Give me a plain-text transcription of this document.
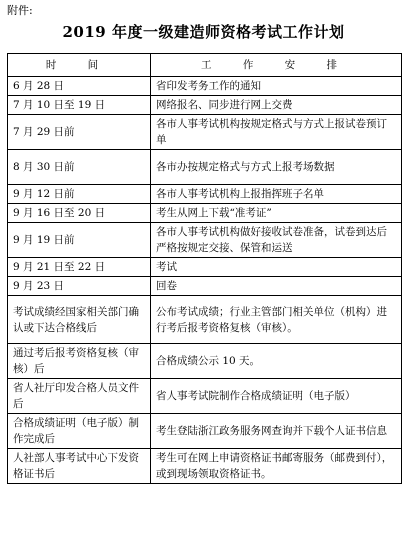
附件:
2019 年度一级建造师资格考试工作计划
时 间	工 作 安 排
6 月 28 日	省印发考务工作的通知
7 月 10 日至 19 日	网络报名、同步进行网上交费
7 月 29 日前	各市人事考试机构按规定格式与方式上报试卷预订单
8 月 30 日前	各市办按规定格式与方式上报考场数据
9 月 12 日前	各市人事考试机构上报指挥班子名单
9 月 16 日至 20 日	考生从网上下载“准考证”
9 月 19 日前	各市人事考试机构做好接收试卷准备，试卷到达后严格按规定交接、保管和运送
9 月 21 日至 22 日	考试
9 月 23 日	回卷
考试成绩经国家相关部门确认或下达合格线后	公布考试成绩；行业主管部门相关单位（机构）进行考后报考资格复核（审核）。
通过考后报考资格复核（审核）后	合格成绩公示 10 天。
省人社厅印发合格人员文件后	省人事考试院制作合格成绩证明（电子版）
合格成绩证明（电子版）制作完成后	考生登陆浙江政务服务网查询并下载个人证书信息
人社部人事考试中心下发资格证书后	考生可在网上申请资格证书邮寄服务（邮费到付），或到现场领取资格证书。
